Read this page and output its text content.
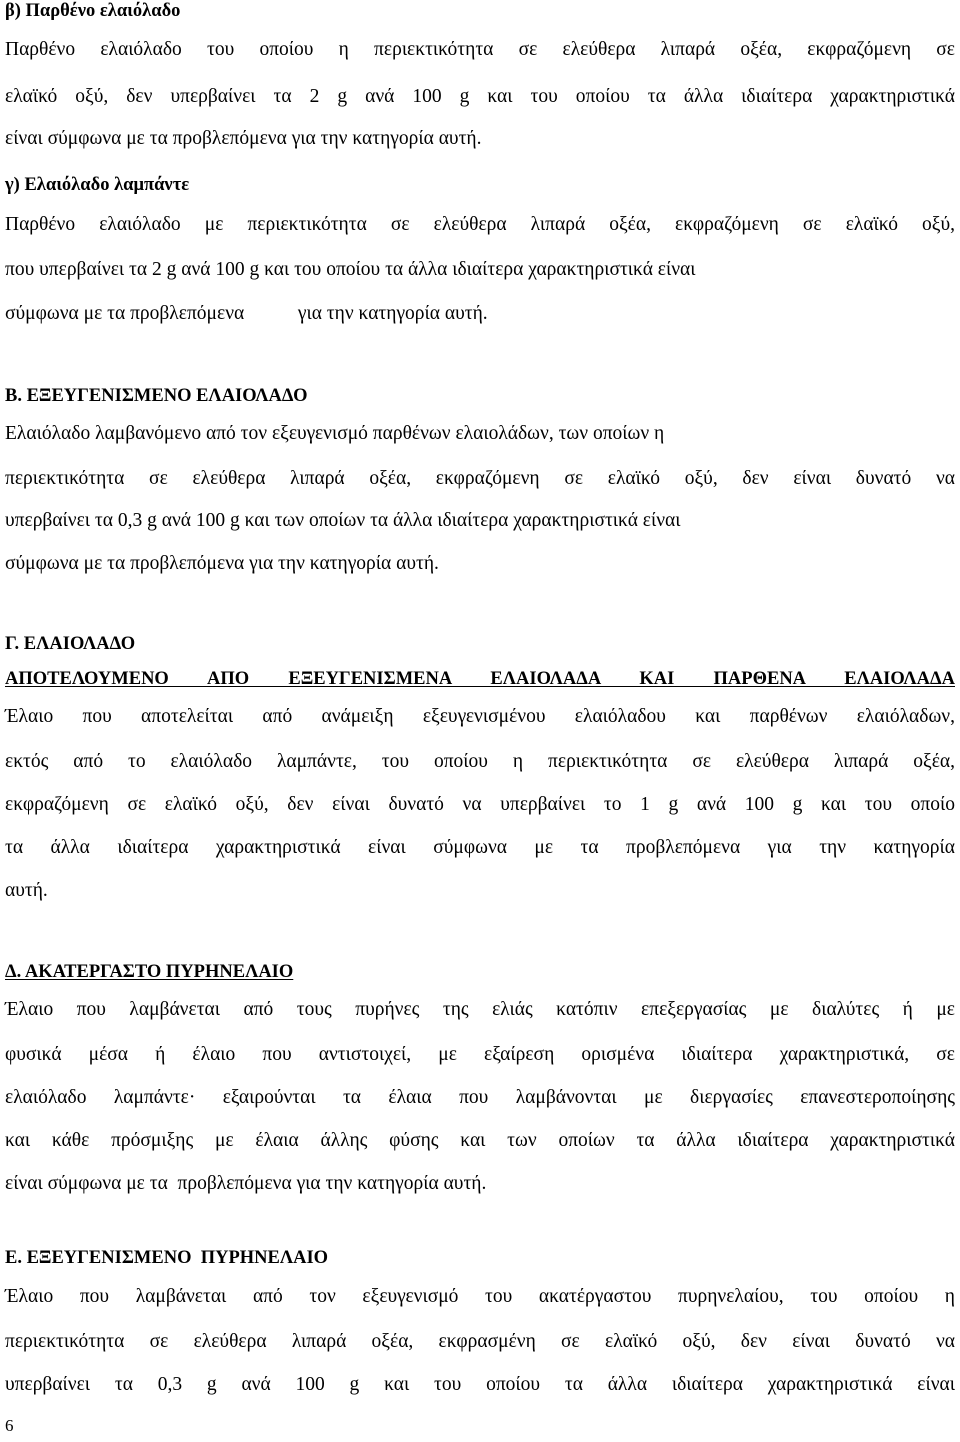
β) Παρθένο ελαιόλαδο
Παρθένο ελαιόλαδο του οποίου η περιεκτικότητα σε ελεύθερα λιπαρά οξέα, εκφραζόμενη σε
ελαϊκό οξύ, δεν υπερβαίνει τα 2 g ανά 100 g και του οποίου τα άλλα ιδιαίτερα χαρακτηριστικά
είναι σύμφωνα με τα προβλεπόμενα για την κατηγορία αυτή.
γ) Ελαιόλαδο λαμπάντε
Παρθένο ελαιόλαδο με περιεκτικότητα σε ελεύθερα λιπαρά οξέα, εκφραζόμενη σε ελαϊκό οξύ,
που υπερβαίνει τα 2 g ανά 100 g και του οποίου τα άλλα ιδιαίτερα χαρακτηριστικά είναι
σύμφωνα με τα προβλεπόμενα           για την κατηγορία αυτή.
Β. ΕΞΕΥΓΕΝΙΣΜΕΝΟ ΕΛΑΙΟΛΑΔΟ
Ελαιόλαδο λαμβανόμενο από τον εξευγενισμό παρθένων ελαιολάδων, των οποίων η
περιεκτικότητα σε ελεύθερα λιπαρά οξέα, εκφραζόμενη σε ελαϊκό οξύ, δεν είναι δυνατό να
υπερβαίνει τα 0,3 g ανά 100 g και των οποίων τα άλλα ιδιαίτερα χαρακτηριστικά είναι
σύμφωνα με τα προβλεπόμενα για την κατηγορία αυτή.
Γ. ΕΛΑΙΟΛΑΔΟ
ΑΠΟΤΕΛΟΥΜΕΝΟ ΑΠΟ ΕΞΕΥΓΕΝΙΣΜΕΝΑ ΕΛΑΙΟΛΑΔΑ ΚΑΙ ΠΑΡΘΕΝΑ ΕΛΑΙΟΛΑΔΑ
Έλαιο που αποτελείται από ανάμειξη εξευγενισμένου ελαιόλαδου και παρθένων ελαιόλαδων,
εκτός από το ελαιόλαδο λαμπάντε, του οποίου η περιεκτικότητα σε ελεύθερα λιπαρά οξέα,
εκφραζόμενη σε ελαϊκό οξύ, δεν είναι δυνατό να υπερβαίνει το 1 g ανά 100 g και του οποίο
τα άλλα ιδιαίτερα χαρακτηριστικά είναι σύμφωνα με τα προβλεπόμενα για την κατηγορία
αυτή.
Δ. ΑΚΑΤΕΡΓΑΣΤΟ ΠΥΡΗΝΕΛΑΙΟ
Έλαιο που λαμβάνεται από τους πυρήνες της ελιάς κατόπιν επεξεργασίας με διαλύτες ή με
φυσικά μέσα ή έλαιο που αντιστοιχεί, με εξαίρεση ορισμένα ιδιαίτερα χαρακτηριστικά, σε
ελαιόλαδο λαμπάντε· εξαιρούνται τα έλαια που λαμβάνονται με διεργασίες επανεστεροποίησης
και κάθε πρόσμιξης με έλαια άλλης φύσης και των οποίων τα άλλα ιδιαίτερα χαρακτηριστικά
είναι σύμφωνα με τα  προβλεπόμενα για την κατηγορία αυτή.
Ε. ΕΞΕΥΓΕΝΙΣΜΕΝΟ  ΠΥΡΗΝΕΛΑΙΟ
Έλαιο που λαμβάνεται από τον εξευγενισμό του ακατέργαστου πυρηνελαίου, του οποίου η
περιεκτικότητα σε ελεύθερα λιπαρά οξέα, εκφρασμένη σε ελαϊκό οξύ, δεν είναι δυνατό να
υπερβαίνει τα 0,3 g ανά 100 g και του οποίου τα άλλα ιδιαίτερα χαρακτηριστικά είναι
6
